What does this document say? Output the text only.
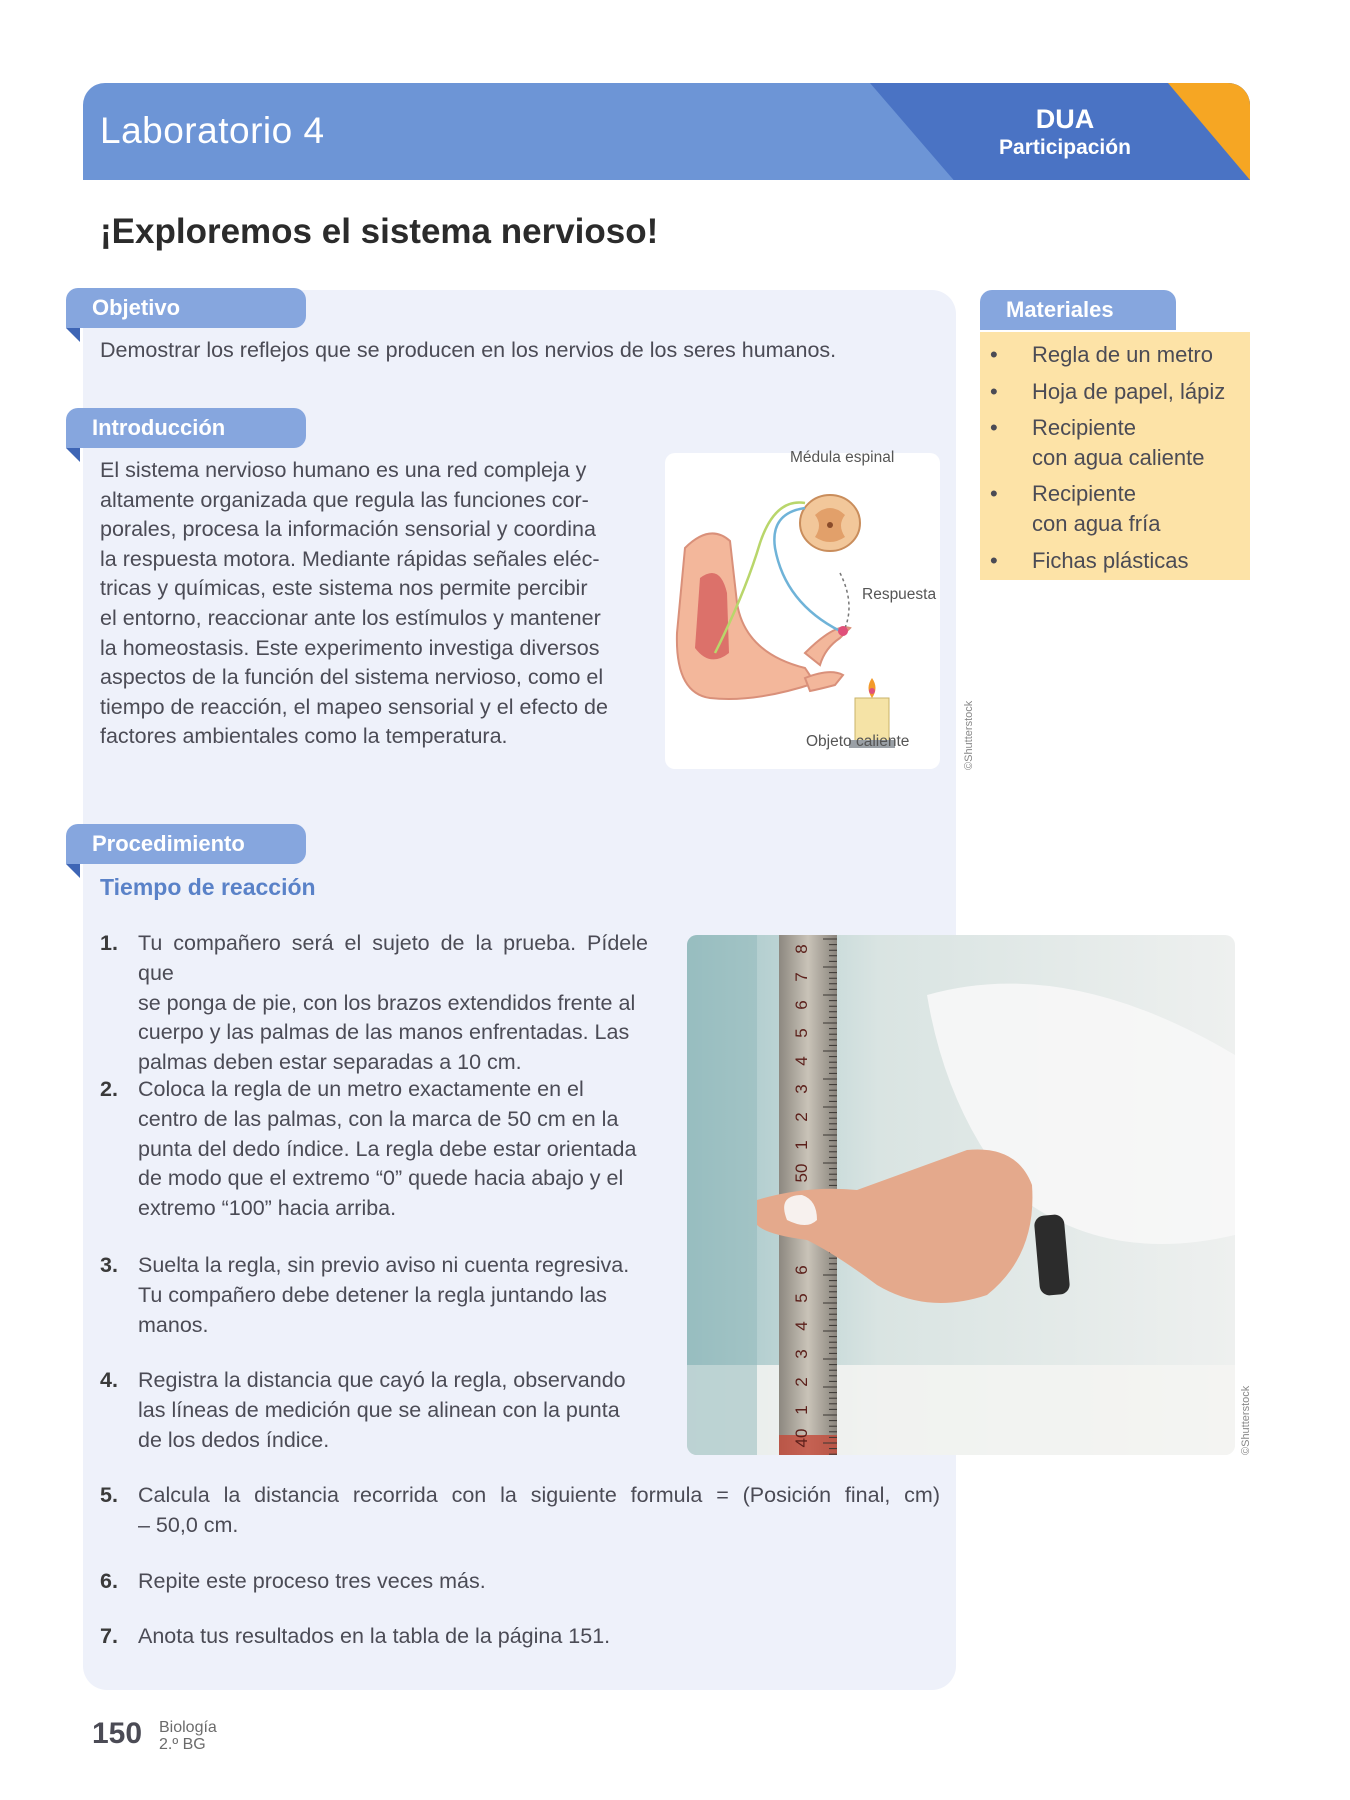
Laboratorio 4	DUA
Participación
¡Exploremos el sistema nervioso!
Objetivo
Demostrar los reflejos que se producen en los nervios de los seres humanos.
Introducción
El sistema nervioso humano es una red compleja y
altamente organizada que regula las funciones cor-
porales, procesa la información sensorial y coordina
la respuesta motora. Mediante rápidas señales eléc-
tricas y químicas, este sistema nos permite percibir
el entorno, reaccionar ante los estímulos y mantener
la homeostasis. Este experimento investiga diversos
aspectos de la función del sistema nervioso, como el
tiempo de reacción, el mapeo sensorial y el efecto de
factores ambientales como la temperatura.
Médula espinal
Respuesta
Objeto caliente	©Shutterstock
Materiales
• Regla de un metro
• Hoja de papel, lápiz
• Recipiente
con agua caliente
• Recipiente
con agua fría
• Fichas plásticas
Procedimiento
Tiempo de reacción
1. Tu compañero será el sujeto de la prueba. Pídele que
se ponga de pie, con los brazos extendidos frente al
cuerpo y las palmas de las manos enfrentadas. Las
palmas deben estar separadas a 10 cm.
2. Coloca la regla de un metro exactamente en el
centro de las palmas, con la marca de 50 cm en la
punta del dedo índice. La regla debe estar orientada
de modo que el extremo “0” quede hacia abajo y el
extremo “100” hacia arriba.
3. Suelta la regla, sin previo aviso ni cuenta regresiva.
Tu compañero debe detener la regla juntando las
manos.
4. Registra la distancia que cayó la regla, observando
las líneas de medición que se alinean con la punta
de los dedos índice.
5. Calcula la distancia recorrida con la siguiente formula = (Posición final, cm)
– 50,0 cm.
6. Repite este proceso tres veces más.
7. Anota tus resultados en la tabla de la página 151.
8
7
6
5
4
3
2
1
50
6
5
4
3
2
1
40	©Shutterstock
150 Biología
2.º BG
